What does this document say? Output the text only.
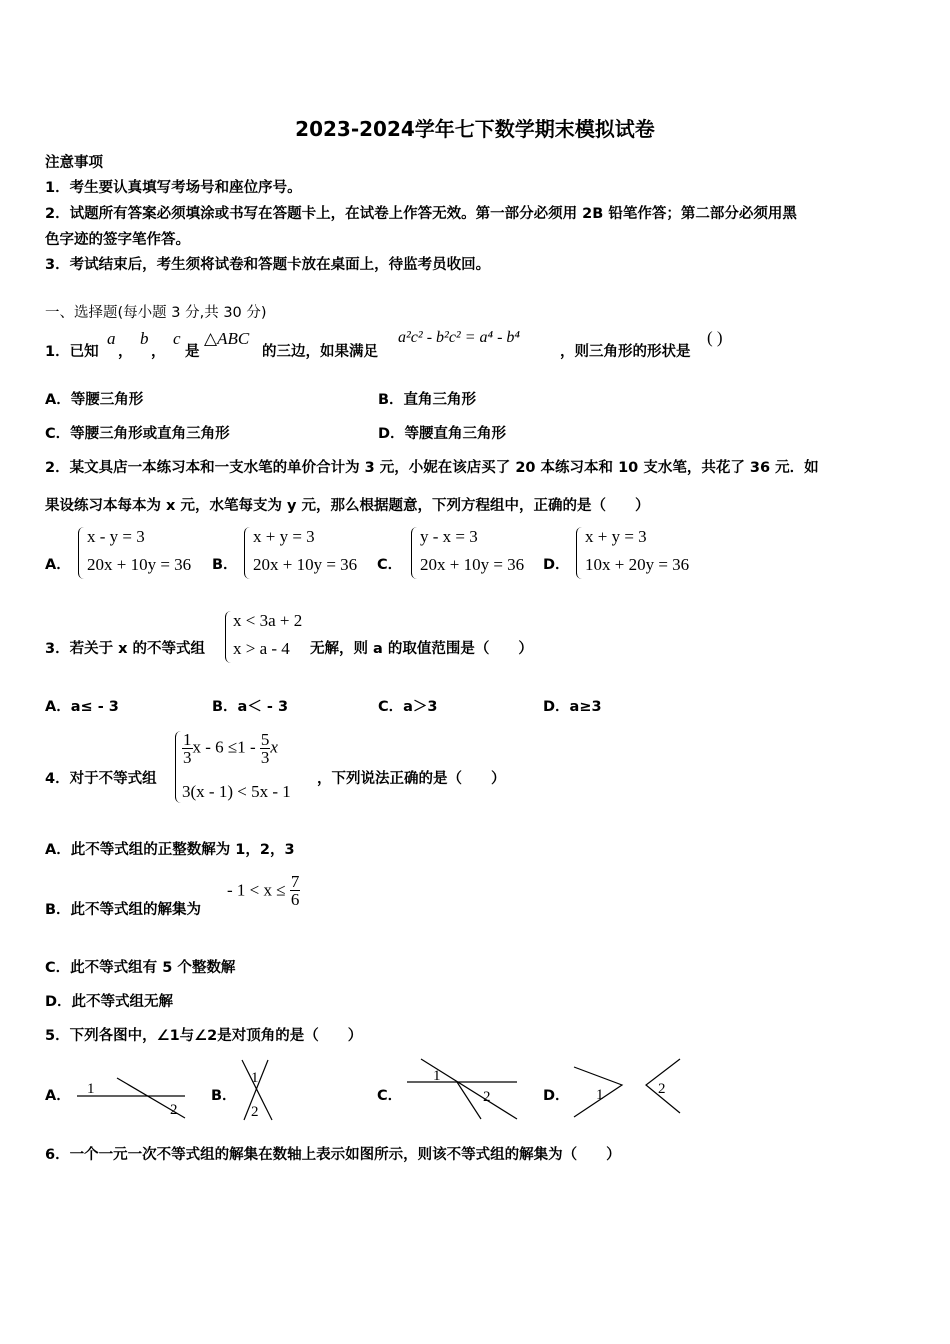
2023-2024学年七下数学期末模拟试卷
注意事项
1．考生要认真填写考场号和座位序号。
2．试题所有答案必须填涂或书写在答题卡上，在试卷上作答无效。第一部分必须用 2B 铅笔作答；第二部分必须用黑
色字迹的签字笔作答。
3．考试结束后，考生须将试卷和答题卡放在桌面上，待监考员收回。
一、选择题(每小题 3 分,共 30 分)
1．已知
a
，
b
，
c
是
△ABC
的三边，如果满足
a²c² - b²c² = a⁴ - b⁴
，则三角形的形状是
( )
A．等腰三角形	B．直角三角形
C．等腰三角形或直角三角形	D．等腰直角三角形
2．某文具店一本练习本和一支水笔的单价合计为 3 元，小妮在该店买了 20 本练习本和 10 支水笔，共花了 36 元．如
果设练习本每本为 x 元，水笔每支为 y 元，那么根据题意，下列方程组中，正确的是（　　）
A．
x - y = 3
20x + 10y = 36 B．
x + y = 3
20x + 10y = 36 C．
y - x = 3
20x + 10y = 36 D．
x + y = 3
10x + 20y = 36
3．若关于 x 的不等式组
x < 3a + 2
x > a - 4 无解，则 a 的取值范围是（　　）
A．a≤ - 3	B．a＜ - 3	C．a＞3	D．a≥3
4．对于不等式组
$\frac{1}{3}$ $x - 6 \le 1 - \frac{5}{3}$ x
3(x - 1) < 5x - 1
，下列说法正确的是（　　）
A．此不等式组的正整数解为 1，2，3
B．此不等式组的解集为
- $1 < x \le \frac{7}{6}$
C．此不等式组有 5 个整数解
D．此不等式组无解
5．下列各图中，∠1与∠2是对顶角的是（　　）
A． 1
2
B．
1
2
C．
1
2	D． 1	2
6．一个一元一次不等式组的解集在数轴上表示如图所示，则该不等式组的解集为（　　）
